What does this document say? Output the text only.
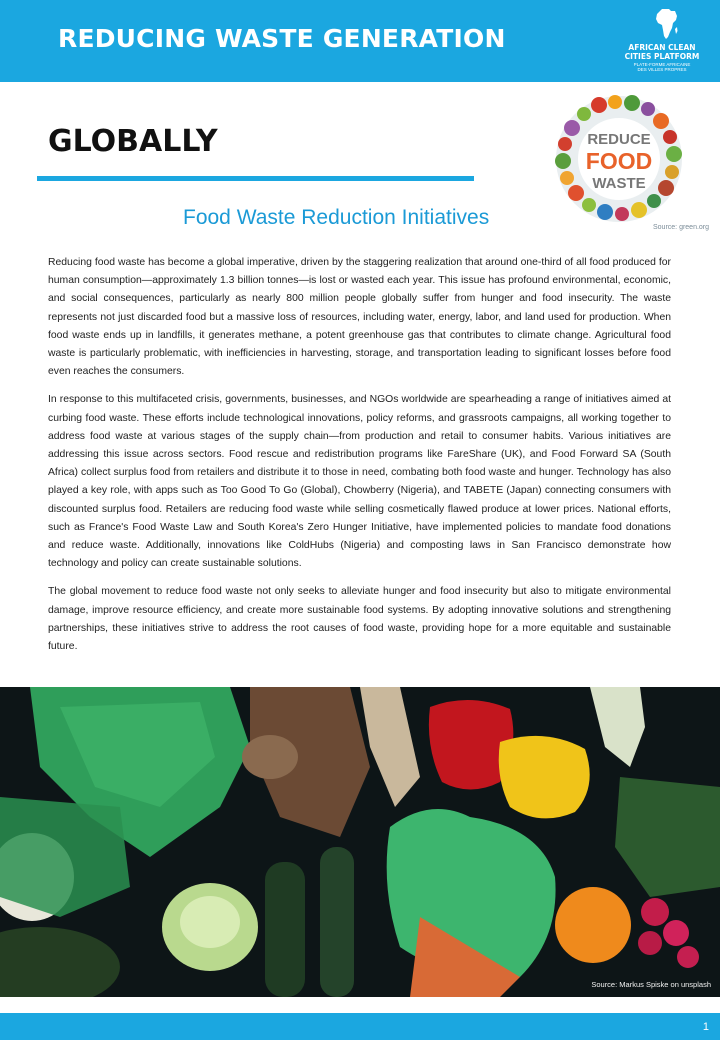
REDUCING WASTE GENERATION	AFRICAN CLEAN
CITIES PLATFORM
PLATE-FORME AFRICAINE
DES VILLES PROPRES
GLOBALLY
Food Waste Reduction Initiatives
REDUCE
FOOD
WASTE
Source: green.org

Reducing food waste has become a global imperative, driven by the staggering realization that around one-third of all food produced for human consumption—approximately 1.3 billion tonnes—is lost or wasted each year. This issue has profound environmental, economic, and social consequences, particularly as nearly 800 million people globally suffer from hunger and food insecurity. The waste represents not just discarded food but a massive loss of resources, including water, energy, labor, and land used for production. When food waste ends up in landfills, it generates methane, a potent greenhouse gas that contributes to climate change. Agricultural food waste is particularly problematic, with inefficiencies in harvesting, storage, and transportation leading to significant losses before food even reaches the consumers.

In response to this multifaceted crisis, governments, businesses, and NGOs worldwide are spearheading a range of initiatives aimed at curbing food waste. These efforts include technological innovations, policy reforms, and grassroots campaigns, all working together to address food waste at various stages of the supply chain—from production and retail to consumer habits. Various initiatives are addressing this issue across sectors. Food rescue and redistribution programs like FareShare (UK), and Food Forward SA (South Africa) collect surplus food from retailers and distribute it to those in need, combating both food waste and hunger. Technology has also played a key role, with apps such as Too Good To Go (Global), Chowberry (Nigeria), and TABETE (Japan) connecting consumers with discounted surplus food. Retailers are reducing food waste while selling cosmetically flawed produce at lower prices. National efforts, such as France's Food Waste Law and South Korea's Zero Hunger Initiative, have implemented policies to mandate food donations and reduce waste. Additionally, innovations like ColdHubs (Nigeria) and composting laws in San Francisco demonstrate how technology and policy can create sustainable solutions.

The global movement to reduce food waste not only seeks to alleviate hunger and food insecurity but also to mitigate environmental damage, improve resource efficiency, and create more sustainable food systems. By adopting innovative solutions and strengthening partnerships, these initiatives strive to address the root causes of food waste, providing hope for a more equitable and sustainable future.

Source: Markus Spiske on unsplash
1
